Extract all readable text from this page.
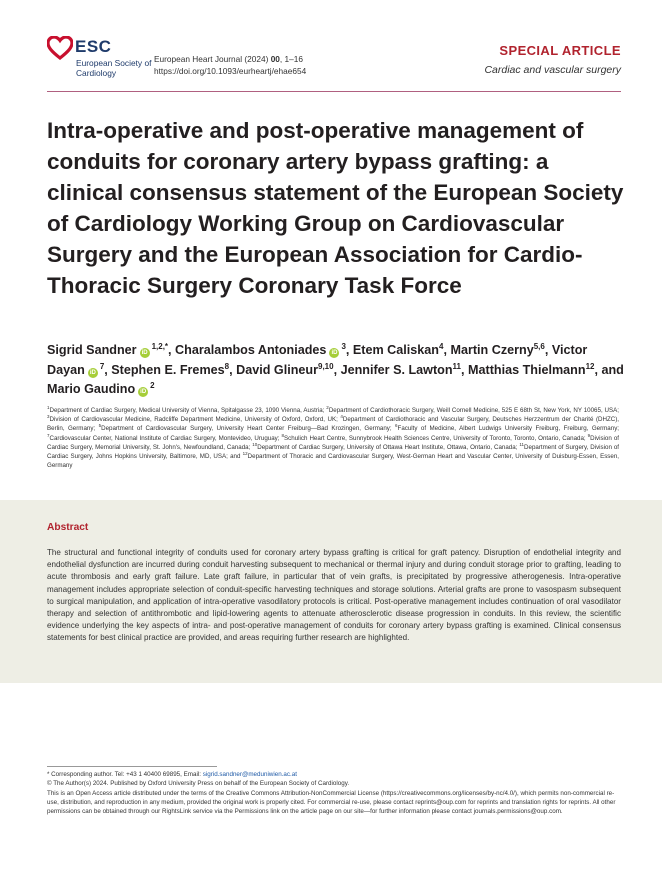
ESC
European Society of Cardiology
European Heart Journal (2024) 00, 1–16
https://doi.org/10.1093/eurheartj/ehae654
SPECIAL ARTICLE
Cardiac and vascular surgery
Intra-operative and post-operative management of conduits for coronary artery bypass grafting: a clinical consensus statement of the European Society of Cardiology Working Group on Cardiovascular Surgery and the European Association for Cardio-Thoracic Surgery Coronary Task Force
Sigrid Sandner $iD^{1,2,*}$, Charalambos Antoniades $iD^3$, Etem Caliskan$^4$, Martin Czerny$^{5,6}$, Victor Dayan $iD^7$, Stephen E. Fremes$^8$, David Glineur$^{9,10}$, Jennifer S. Lawton$^{11}$, Matthias Thielmann$^{12}$, and Mario Gaudino $iD^2$
$^1$Department of Cardiac Surgery, Medical University of Vienna, Spitalgasse 23, 1090 Vienna, Austria; $^2$Department of Cardiothoracic Surgery, Weill Cornell Medicine, 525 E 68th St, New York, NY 10065, USA; $^3$Division of Cardiovascular Medicine, Radcliffe Department Medicine, University of Oxford, Oxford, UK; $^4$Department of Cardiothoracic and Vascular Surgery, Deutsches Herzzentrum der Charité (DHZC), Berlin, Germany; $^5$Department of Cardiovascular Surgery, University Heart Center Freiburg—Bad Krozingen, Germany; $^6$Faculty of Medicine, Albert Ludwigs University Freiburg, Freiburg, Germany; $^7$Cardiovascular Center, National Institute of Cardiac Surgery, Montevideo, Uruguay; $^8$Schulich Heart Centre, Sunnybrook Health Sciences Centre, University of Toronto, Toronto, Ontario, Canada; $^9$Division of Cardiac Surgery, Memorial University, St. John's, Newfoundland, Canada; $^{10}$Department of Cardiac Surgery, University of Ottawa Heart Institute, Ottawa, Ontario, Canada; $^{11}$Department of Surgery, Division of Cardiac Surgery, Johns Hopkins University, Baltimore, MD, USA; and $^{12}$Department of Thoracic and Cardiovascular Surgery, West-German Heart and Vascular Center, University of Duisburg-Essen, Essen, Germany
Abstract

The structural and functional integrity of conduits used for coronary artery bypass grafting is critical for graft patency. Disruption of endothelial integrity and endothelial dysfunction are incurred during conduit harvesting subsequent to mechanical or thermal injury and during conduit storage prior to grafting, leading to acute thrombosis and early graft failure. Late graft failure, in particular that of vein grafts, is precipitated by progressive atherogenesis. Intra-operative management includes appropriate selection of conduit-specific harvesting techniques and storage solutions. Arterial grafts are prone to vasospasm subsequent to surgical manipulation, and application of intra-operative vasodilatory protocols is critical. Post-operative management includes continuation of oral vasodilator therapy and selection of antithrombotic and lipid-lowering agents to attenuate atherosclerotic disease progression in conduits. In this review, the scientific evidence underlying the key aspects of intra- and post-operative management of conduits for coronary artery bypass grafting is examined. Clinical consensus statements for best clinical practice are provided, and areas requiring further research are highlighted.

* Corresponding author. Tel: +43 1 40400 69895, Email: sigrid.sandner@meduniwien.ac.at

© The Author(s) 2024. Published by Oxford University Press on behalf of the European Society of Cardiology.

This is an Open Access article distributed under the terms of the Creative Commons Attribution-NonCommercial License (https://creativecommons.org/licenses/by-nc/4.0/), which permits non-commercial re-use, distribution, and reproduction in any medium, provided the original work is properly cited. For commercial re-use, please contact reprints@oup.com for reprints and translation rights for reprints. All other permissions can be obtained through our RightsLink service via the Permissions link on the article page on our site—for further information please contact journals.permissions@oup.com.
